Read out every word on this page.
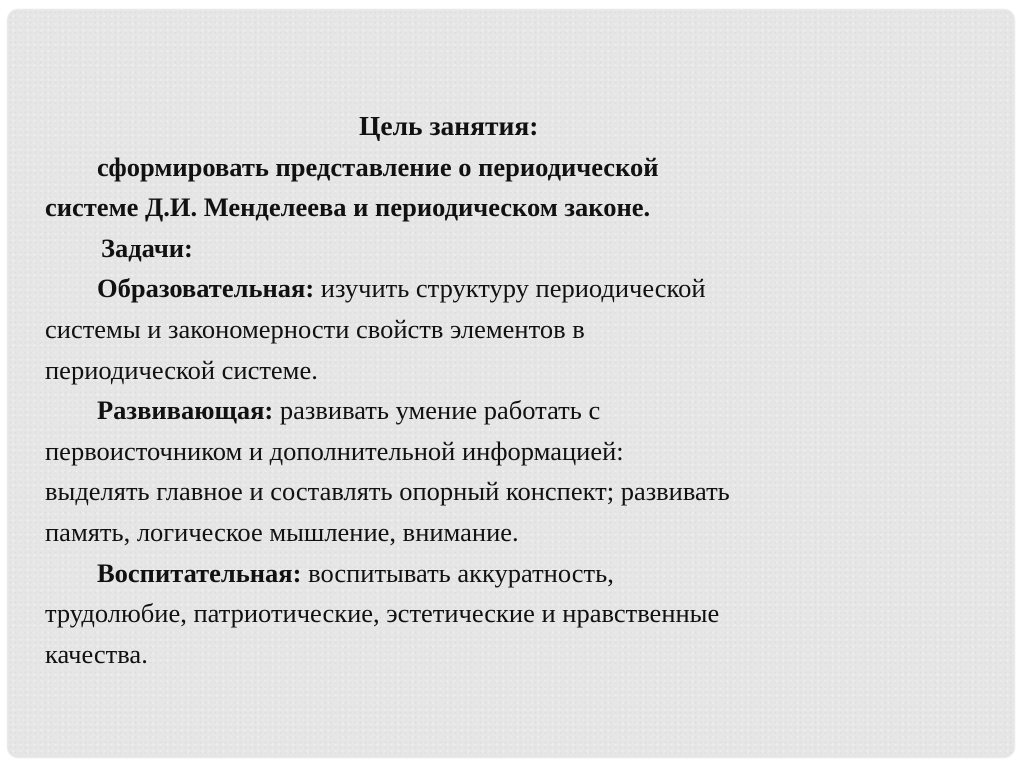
Цель занятия:
сформировать представление о периодической
системе Д.И. Менделеева и периодическом законе.
Задачи:
Образовательная: изучить структуру периодической
системы и закономерности свойств элементов в
периодической системе.
Развивающая: развивать умение работать с
первоисточником и дополнительной информацией:
выделять главное и составлять опорный конспект; развивать
память, логическое мышление, внимание.
Воспитательная: воспитывать аккуратность,
трудолюбие, патриотические, эстетические и нравственные
качества.
